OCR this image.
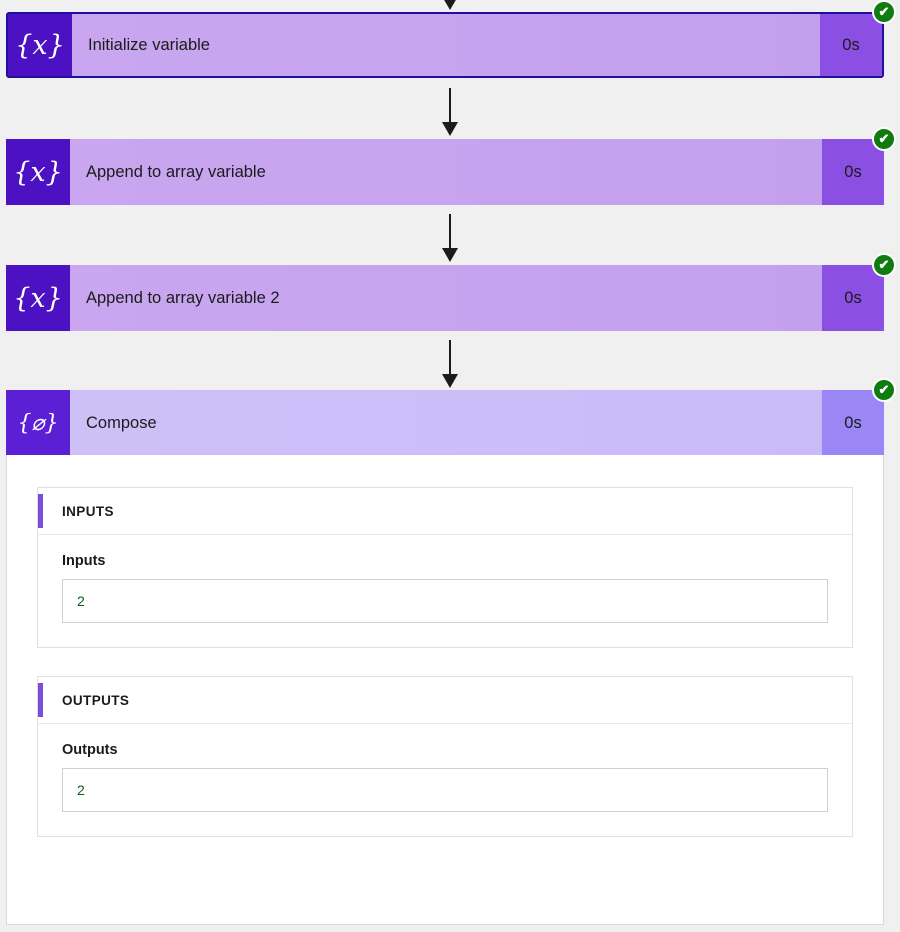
{x}	Initialize variable	0s
✔
{x}	Append to array variable	0s
✔
{x}	Append to array variable 2	0s
✔
{⌀}	Compose	0s
✔
INPUTS
Inputs
2
OUTPUTS
Outputs
2
